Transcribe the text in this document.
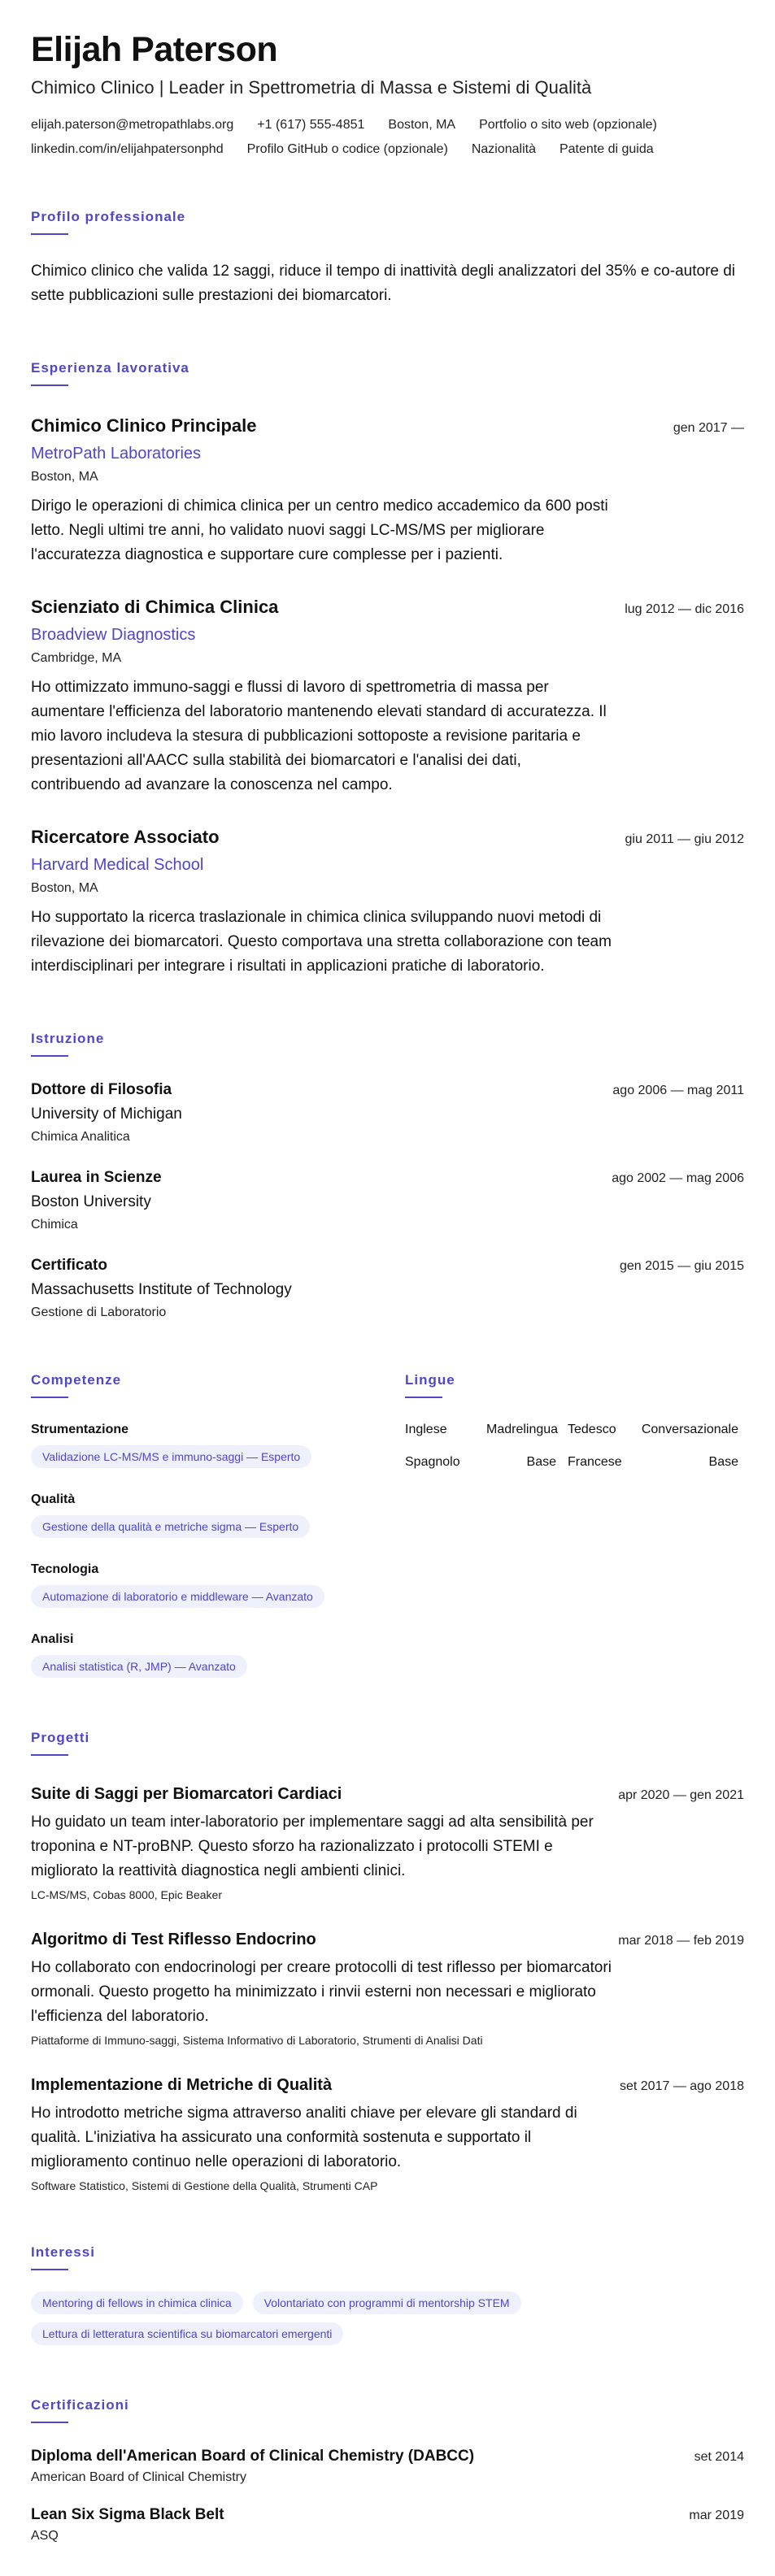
Elijah Paterson
Chimico Clinico | Leader in Spettrometria di Massa e Sistemi di Qualità
elijah.paterson@metropathlabs.org +1 (617) 555-4851 Boston, MA Portfolio o sito web (opzionale)
linkedin.com/in/elijahpatersonphd Profilo GitHub o codice (opzionale) Nazionalità Patente di guida
Profilo professionale
Chimico clinico che valida 12 saggi, riduce il tempo di inattività degli analizzatori del 35% e co-autore di sette pubblicazioni sulle prestazioni dei biomarcatori.
Esperienza lavorativa
Chimico Clinico Principale	gen 2017 —
MetroPath Laboratories
Boston, MA
Dirigo le operazioni di chimica clinica per un centro medico accademico da 600 posti letto. Negli ultimi tre anni, ho validato nuovi saggi LC-MS/MS per migliorare l'accuratezza diagnostica e supportare cure complesse per i pazienti.
Scienziato di Chimica Clinica	lug 2012 — dic 2016
Broadview Diagnostics
Cambridge, MA
Ho ottimizzato immuno-saggi e flussi di lavoro di spettrometria di massa per aumentare l'efficienza del laboratorio mantenendo elevati standard di accuratezza. Il mio lavoro includeva la stesura di pubblicazioni sottoposte a revisione paritaria e presentazioni all'AACC sulla stabilità dei biomarcatori e l'analisi dei dati, contribuendo ad avanzare la conoscenza nel campo.
Ricercatore Associato	giu 2011 — giu 2012
Harvard Medical School
Boston, MA
Ho supportato la ricerca traslazionale in chimica clinica sviluppando nuovi metodi di rilevazione dei biomarcatori. Questo comportava una stretta collaborazione con team interdisciplinari per integrare i risultati in applicazioni pratiche di laboratorio.
Istruzione
Dottore di Filosofia	ago 2006 — mag 2011
University of Michigan
Chimica Analitica
Laurea in Scienze	ago 2002 — mag 2006
Boston University
Chimica
Certificato	gen 2015 — giu 2015
Massachusetts Institute of Technology
Gestione di Laboratorio
Competenze
Strumentazione
Validazione LC-MS/MS e immuno-saggi — Esperto
Qualità
Gestione della qualità e metriche sigma — Esperto
Tecnologia
Automazione di laboratorio e middleware — Avanzato
Analisi
Analisi statistica (R, JMP) — Avanzato
Lingue
Inglese	Madrelingua Tedesco	Conversazionale
Spagnolo	Base Francese	Base
Progetti
Suite di Saggi per Biomarcatori Cardiaci	apr 2020 — gen 2021
Ho guidato un team inter-laboratorio per implementare saggi ad alta sensibilità per troponina e NT-proBNP. Questo sforzo ha razionalizzato i protocolli STEMI e migliorato la reattività diagnostica negli ambienti clinici.
LC-MS/MS, Cobas 8000, Epic Beaker
Algoritmo di Test Riflesso Endocrino	mar 2018 — feb 2019
Ho collaborato con endocrinologi per creare protocolli di test riflesso per biomarcatori ormonali. Questo progetto ha minimizzato i rinvii esterni non necessari e migliorato l'efficienza del laboratorio.
Piattaforme di Immuno-saggi, Sistema Informativo di Laboratorio, Strumenti di Analisi Dati
Implementazione di Metriche di Qualità	set 2017 — ago 2018
Ho introdotto metriche sigma attraverso analiti chiave per elevare gli standard di qualità. L'iniziativa ha assicurato una conformità sostenuta e supportato il miglioramento continuo nelle operazioni di laboratorio.
Software Statistico, Sistemi di Gestione della Qualità, Strumenti CAP
Interessi
Mentoring di fellows in chimica clinica	Volontariato con programmi di mentorship STEM
Lettura di letteratura scientifica su biomarcatori emergenti
Certificazioni
Diploma dell'American Board of Clinical Chemistry (DABCC)	set 2014
American Board of Clinical Chemistry
Lean Six Sigma Black Belt	mar 2019
ASQ
